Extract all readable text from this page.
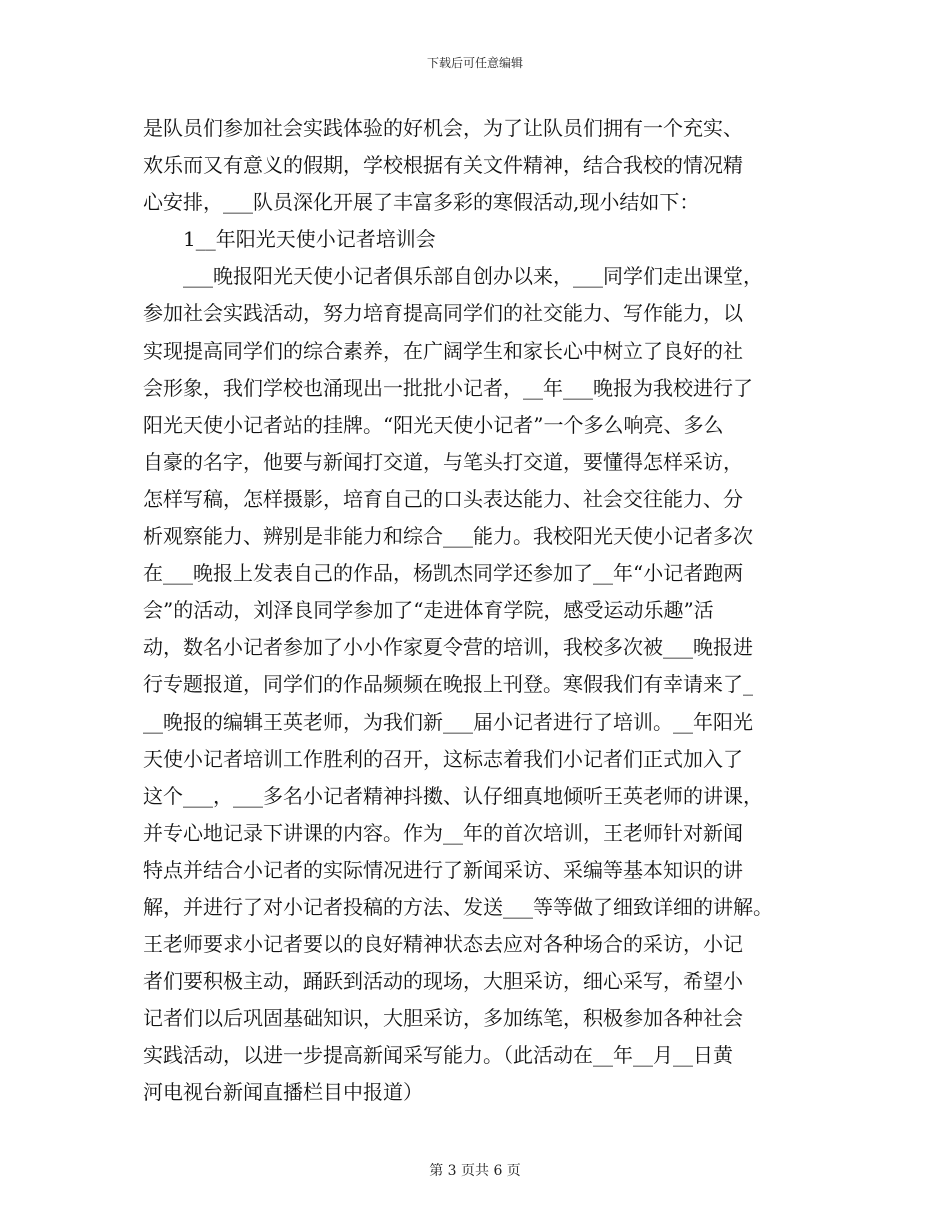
下载后可任意编辑
是队员们参加社会实践体验的好机会，为了让队员们拥有一个充实、
欢乐而又有意义的假期，学校根据有关文件精神，结合我校的情况精
心安排，___队员深化开展了丰富多彩的寒假活动,现小结如下：
1__年阳光天使小记者培训会
___晚报阳光天使小记者俱乐部自创办以来，___同学们走出课堂，
参加社会实践活动，努力培育提高同学们的社交能力、写作能力，以
实现提高同学们的综合素养，在广阔学生和家长心中树立了良好的社
会形象，我们学校也涌现出一批批小记者，__年___晚报为我校进行了
阳光天使小记者站的挂牌。“阳光天使小记者”一个多么响亮、多么
自豪的名字，他要与新闻打交道，与笔头打交道，要懂得怎样采访，
怎样写稿，怎样摄影，培育自己的口头表达能力、社会交往能力、分
析观察能力、辨别是非能力和综合___能力。我校阳光天使小记者多次
在___晚报上发表自己的作品，杨凯杰同学还参加了__年“小记者跑两
会”的活动，刘泽良同学参加了“走进体育学院，感受运动乐趣”活
动，数名小记者参加了小小作家夏令营的培训，我校多次被___晚报进
行专题报道，同学们的作品频频在晚报上刊登。寒假我们有幸请来了_
__晚报的编辑王英老师，为我们新___届小记者进行了培训。__年阳光
天使小记者培训工作胜利的召开，这标志着我们小记者们正式加入了
这个___，___多名小记者精神抖擞、认仔细真地倾听王英老师的讲课，
并专心地记录下讲课的内容。作为__年的首次培训，王老师针对新闻
特点并结合小记者的实际情况进行了新闻采访、采编等基本知识的讲
解，并进行了对小记者投稿的方法、发送___等等做了细致详细的讲解。
王老师要求小记者要以的良好精神状态去应对各种场合的采访，小记
者们要积极主动，踊跃到活动的现场，大胆采访，细心采写，希望小
记者们以后巩固基础知识，大胆采访，多加练笔，积极参加各种社会
实践活动，以进一步提高新闻采写能力。（此活动在__年__月__日黄
河电视台新闻直播栏目中报道）
第 3 页共 6 页
